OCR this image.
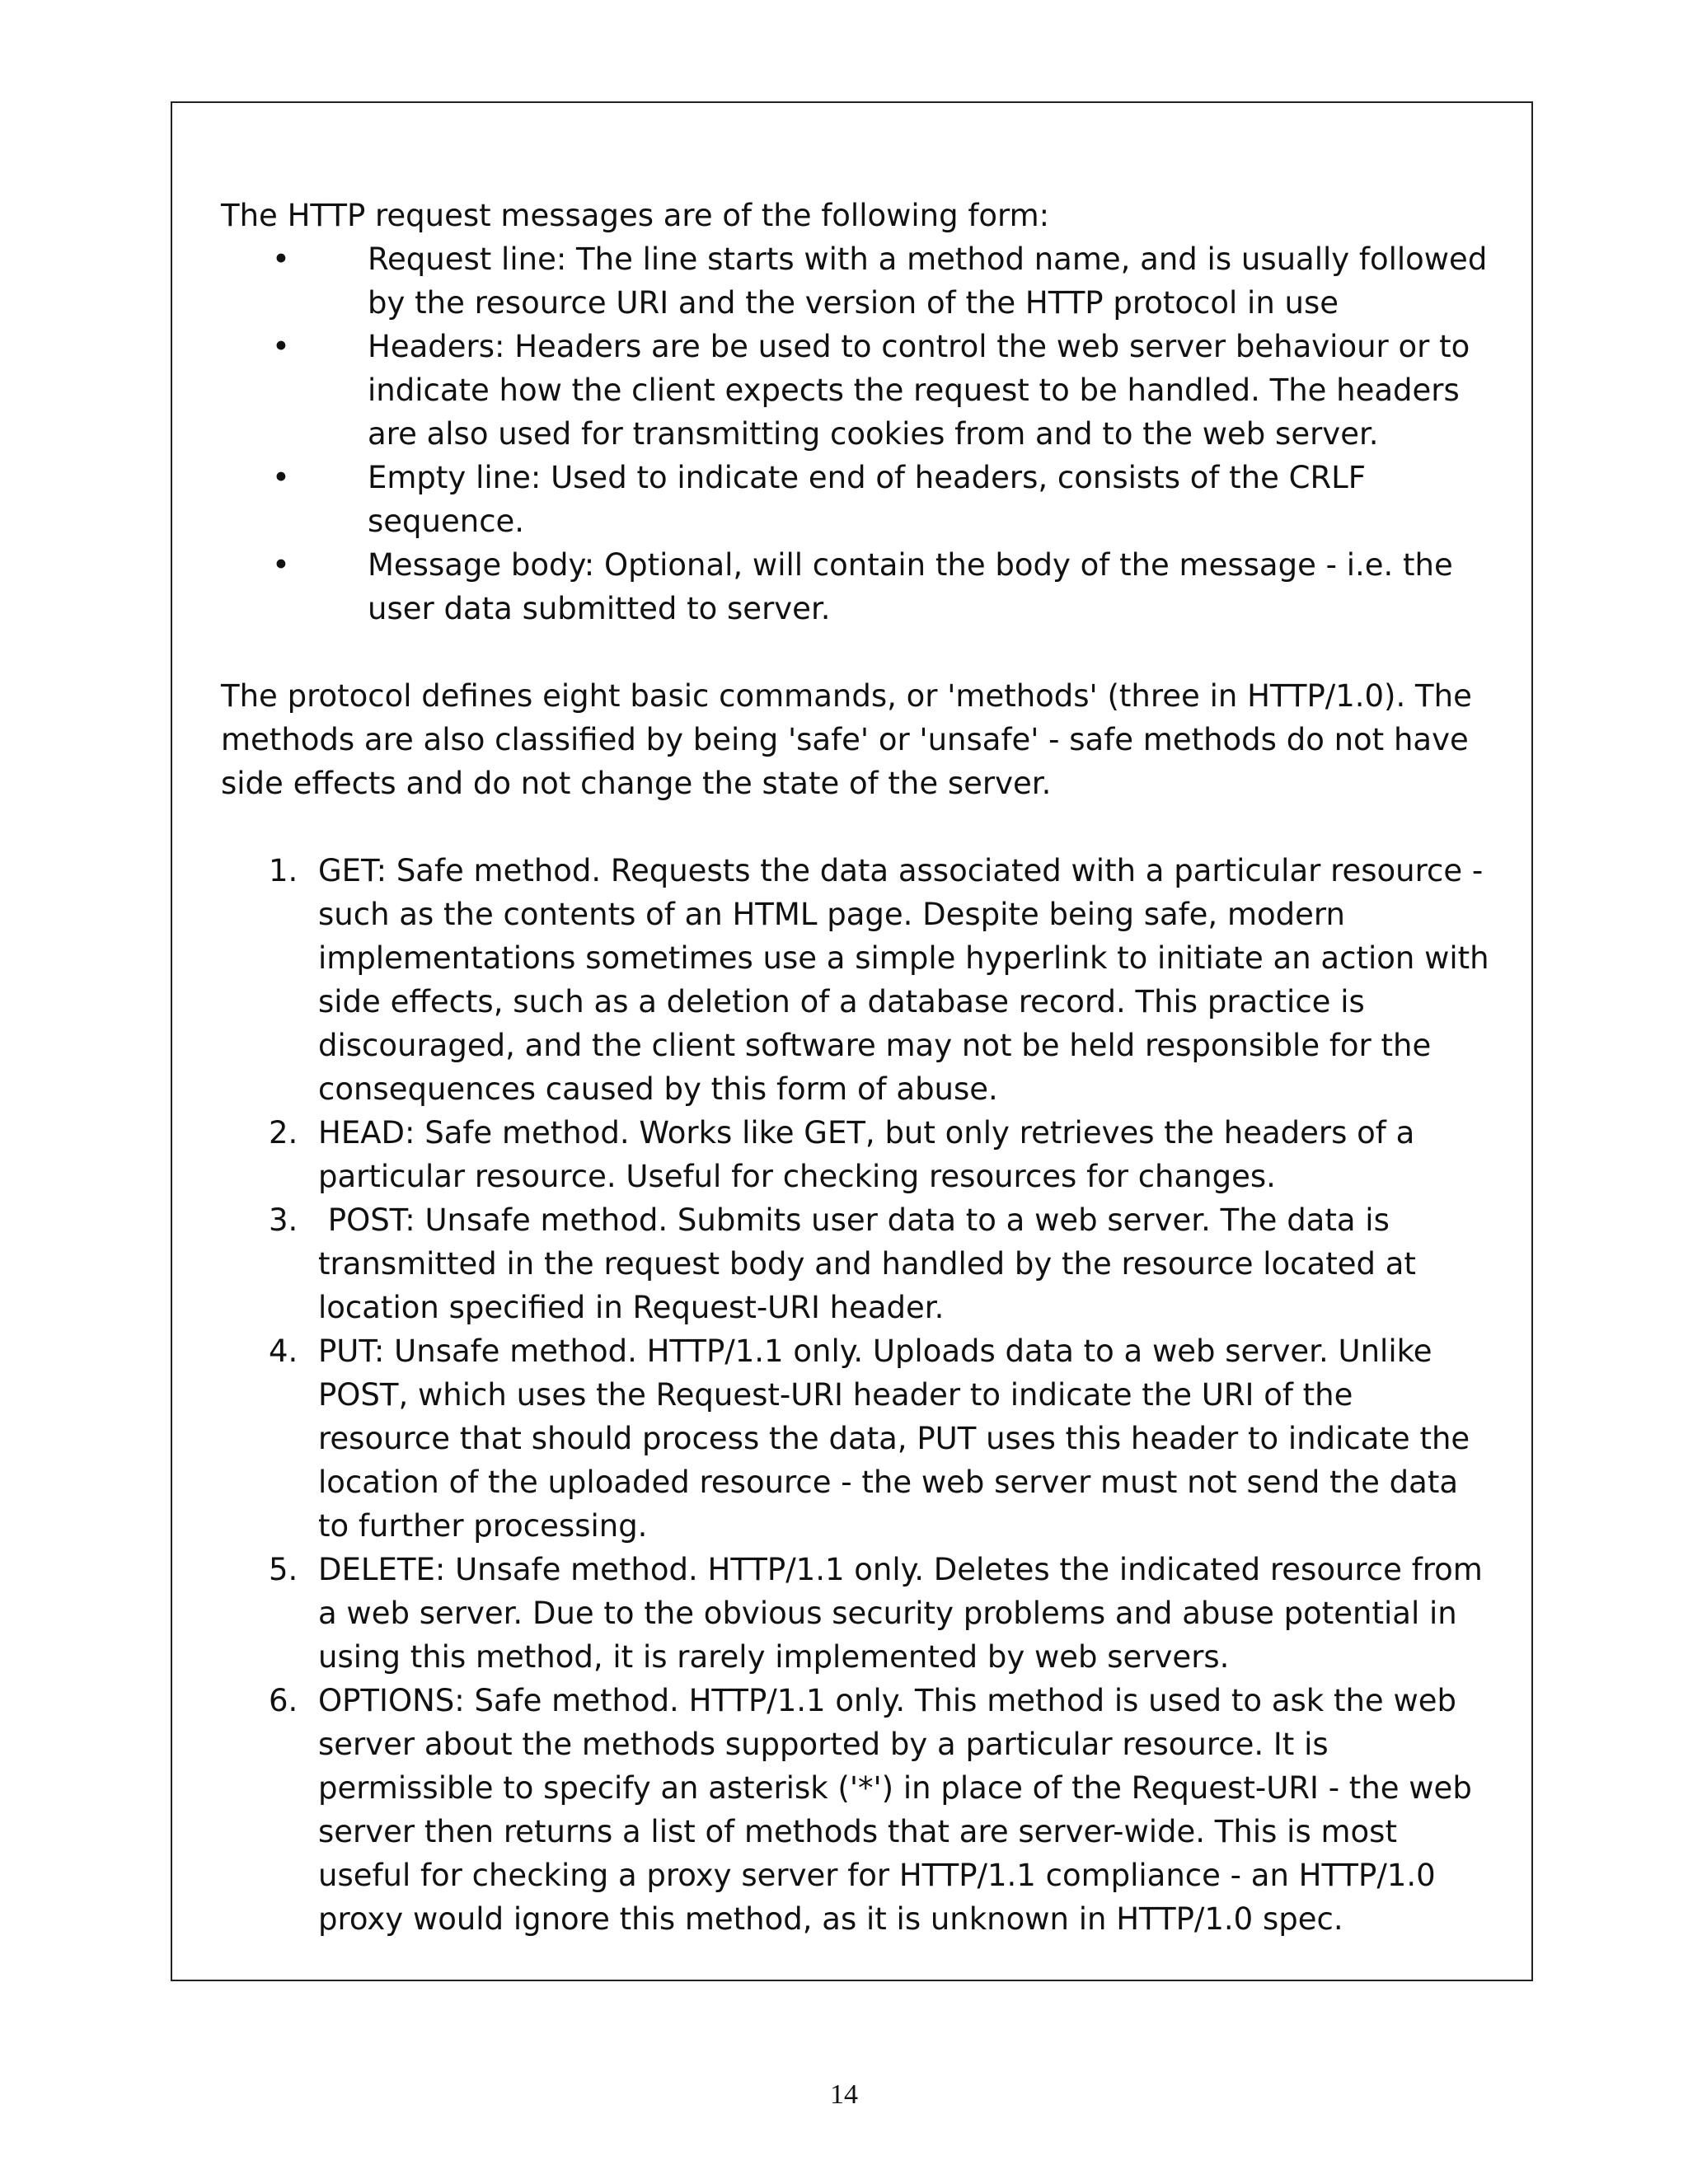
The HTTP request messages are of the following form:

•	Request line: The line starts with a method name, and is usually followed by the resource URI and the version of the HTTP protocol in use
•	Headers: Headers are be used to control the web server behaviour or to indicate how the client expects the request to be handled. The headers are also used for transmitting cookies from and to the web server.
•	Empty line: Used to indicate end of headers, consists of the CRLF sequence.
•	Message body: Optional, will contain the body of the message - i.e. the user data submitted to server.

The protocol defines eight basic commands, or 'methods' (three in HTTP/1.0). The methods are also classified by being 'safe' or 'unsafe' - safe methods do not have side effects and do not change the state of the server.

1. GET: Safe method. Requests the data associated with a particular resource - such as the contents of an HTML page. Despite being safe, modern implementations sometimes use a simple hyperlink to initiate an action with side effects, such as a deletion of a database record. This practice is discouraged, and the client software may not be held responsible for the consequences caused by this form of abuse.
2. HEAD: Safe method. Works like GET, but only retrieves the headers of a particular resource. Useful for checking resources for changes.
3. POST: Unsafe method. Submits user data to a web server. The data is transmitted in the request body and handled by the resource located at location specified in Request-URI header.
4. PUT: Unsafe method. HTTP/1.1 only. Uploads data to a web server. Unlike POST, which uses the Request-URI header to indicate the URI of the resource that should process the data, PUT uses this header to indicate the location of the uploaded resource - the web server must not send the data to further processing.
5. DELETE: Unsafe method. HTTP/1.1 only. Deletes the indicated resource from a web server. Due to the obvious security problems and abuse potential in using this method, it is rarely implemented by web servers.
6. OPTIONS: Safe method. HTTP/1.1 only. This method is used to ask the web server about the methods supported by a particular resource. It is permissible to specify an asterisk ('*') in place of the Request-URI - the web server then returns a list of methods that are server-wide. This is most useful for checking a proxy server for HTTP/1.1 compliance - an HTTP/1.0 proxy would ignore this method, as it is unknown in HTTP/1.0 spec.
14
